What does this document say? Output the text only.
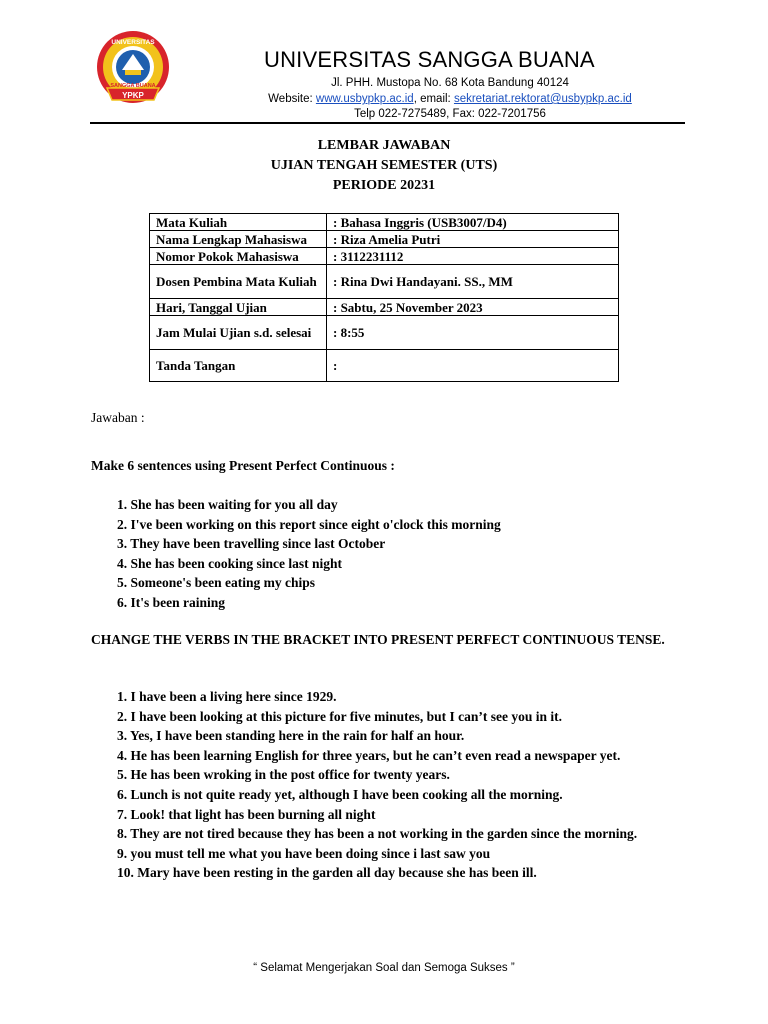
YPKP
UNIVERSITAS
SANGGA BUANA
UNIVERSITAS SANGGA BUANA
Jl. PHH. Mustopa No. 68 Kota Bandung 40124
Website: www.usbypkp.ac.id, email: sekretariat.rektorat@usbypkp.ac.id
Telp 022-7275489, Fax: 022-7201756
LEMBAR JAWABAN
UJIAN TENGAH SEMESTER (UTS)
PERIODE 20231
Mata Kuliah	: Bahasa Inggris (USB3007/D4)
Nama Lengkap Mahasiswa	: Riza Amelia Putri
Nomor Pokok Mahasiswa	: 3112231112
Dosen Pembina Mata Kuliah	: Rina Dwi Handayani. SS., MM
Hari, Tanggal Ujian	: Sabtu, 25 November 2023
Jam Mulai Ujian s.d. selesai	: 8:55
Tanda Tangan	:
Jawaban :
Make 6 sentences using Present Perfect Continuous :
1. She has been waiting for you all day
2. I've been working on this report since eight o'clock this morning
3. They have been travelling since last October
4. She has been cooking since last night
5. Someone's been eating my chips
6. It's been raining
CHANGE THE VERBS IN THE BRACKET INTO PRESENT PERFECT CONTINUOUS TENSE.
1. I have been a living here since 1929.
2. I have been looking at this picture for five minutes, but I can’t see you in it.
3. Yes, I have been standing here in the rain for half an hour.
4. He has been learning English for three years, but he can’t even read a newspaper yet.
5. He has been wroking in the post office for twenty years.
6. Lunch is not quite ready yet, although I have been cooking all the morning.
7. Look! that light has been burning all night
8. They are not tired because they has been a not working in the garden since the morning.
9. you must tell me what you have been doing since i last saw you
10. Mary have been resting in the garden all day because she has been ill.
“ Selamat Mengerjakan Soal dan Semoga Sukses ”
